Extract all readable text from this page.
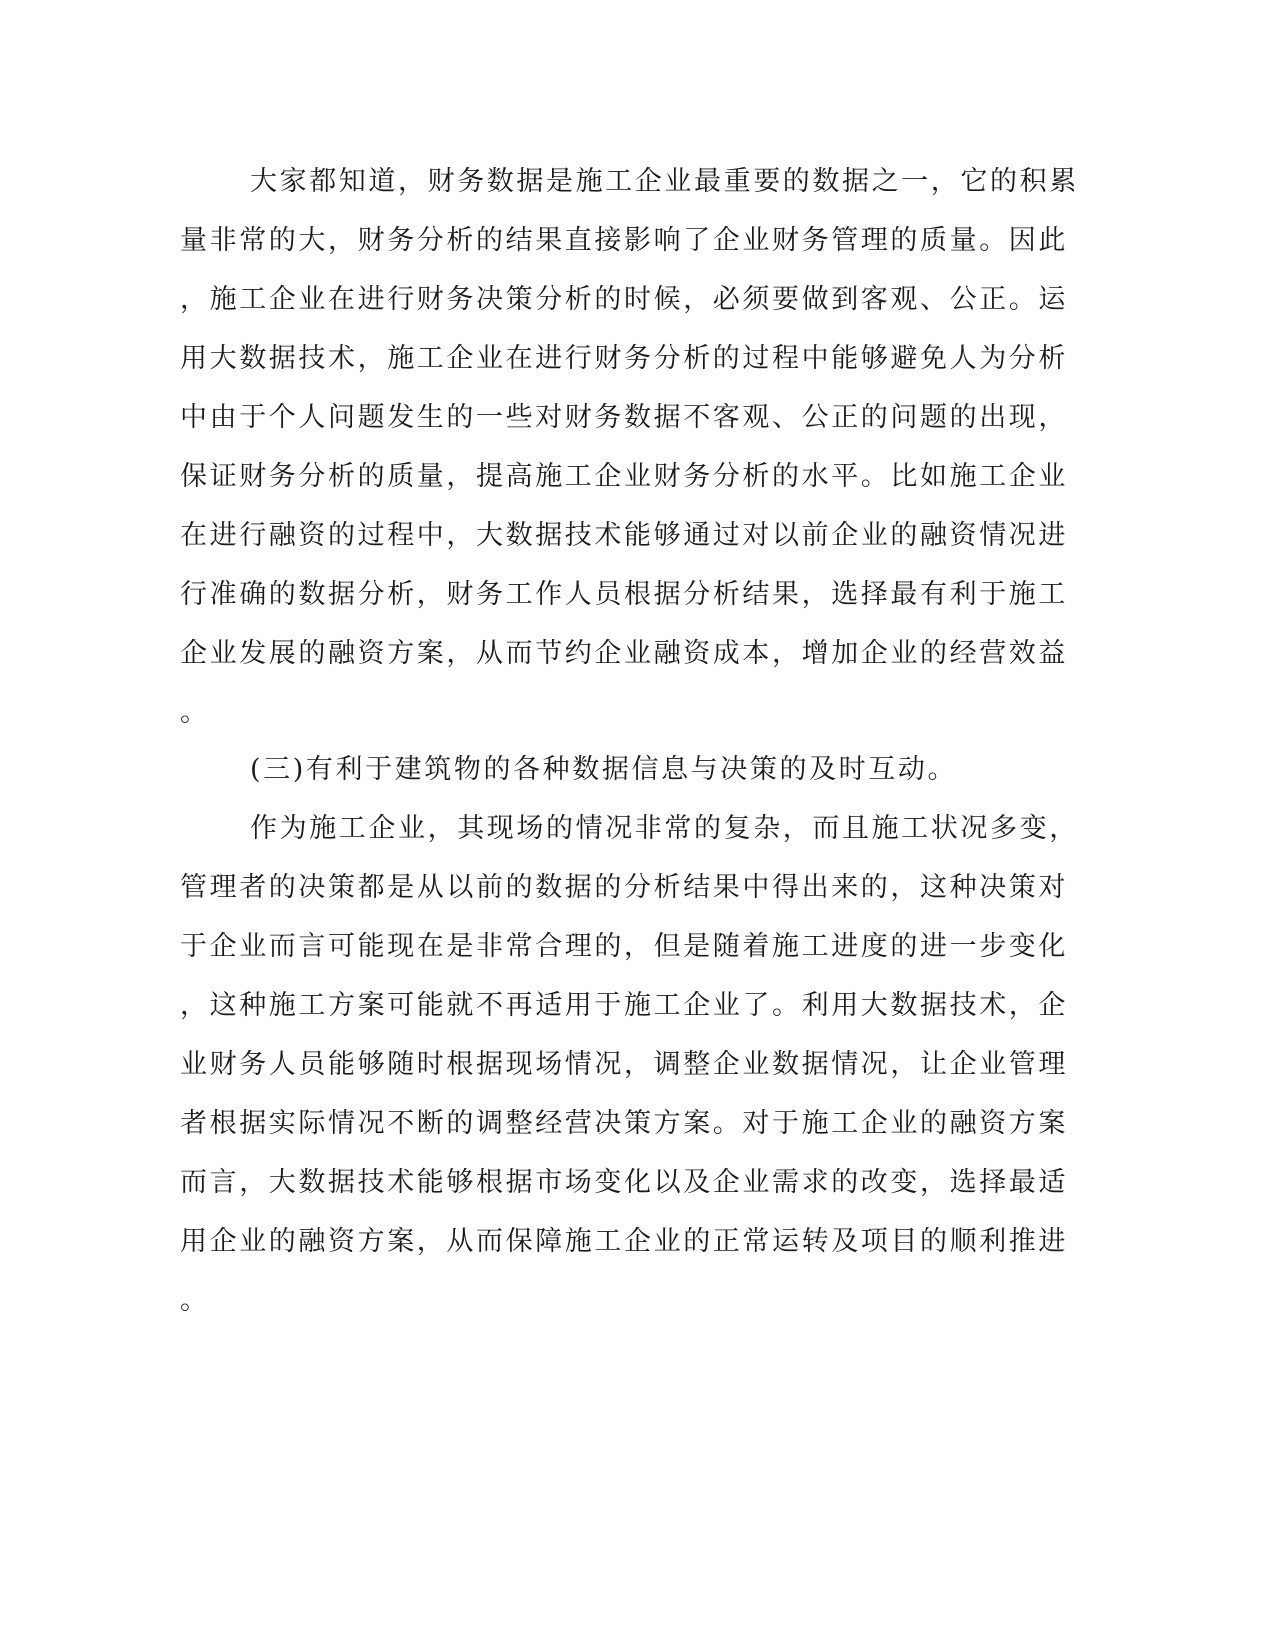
大家都知道，财务数据是施工企业最重要的数据之一，它的积累
量非常的大，财务分析的结果直接影响了企业财务管理的质量。因此
，施工企业在进行财务决策分析的时候，必须要做到客观、公正。运
用大数据技术，施工企业在进行财务分析的过程中能够避免人为分析
中由于个人问题发生的一些对财务数据不客观、公正的问题的出现，
保证财务分析的质量，提高施工企业财务分析的水平。比如施工企业
在进行融资的过程中，大数据技术能够通过对以前企业的融资情况进
行准确的数据分析，财务工作人员根据分析结果，选择最有利于施工
企业发展的融资方案，从而节约企业融资成本，增加企业的经营效益
。
(三)有利于建筑物的各种数据信息与决策的及时互动。
作为施工企业，其现场的情况非常的复杂，而且施工状况多变，
管理者的决策都是从以前的数据的分析结果中得出来的，这种决策对
于企业而言可能现在是非常合理的，但是随着施工进度的进一步变化
，这种施工方案可能就不再适用于施工企业了。利用大数据技术，企
业财务人员能够随时根据现场情况，调整企业数据情况，让企业管理
者根据实际情况不断的调整经营决策方案。对于施工企业的融资方案
而言，大数据技术能够根据市场变化以及企业需求的改变，选择最适
用企业的融资方案，从而保障施工企业的正常运转及项目的顺利推进
。
